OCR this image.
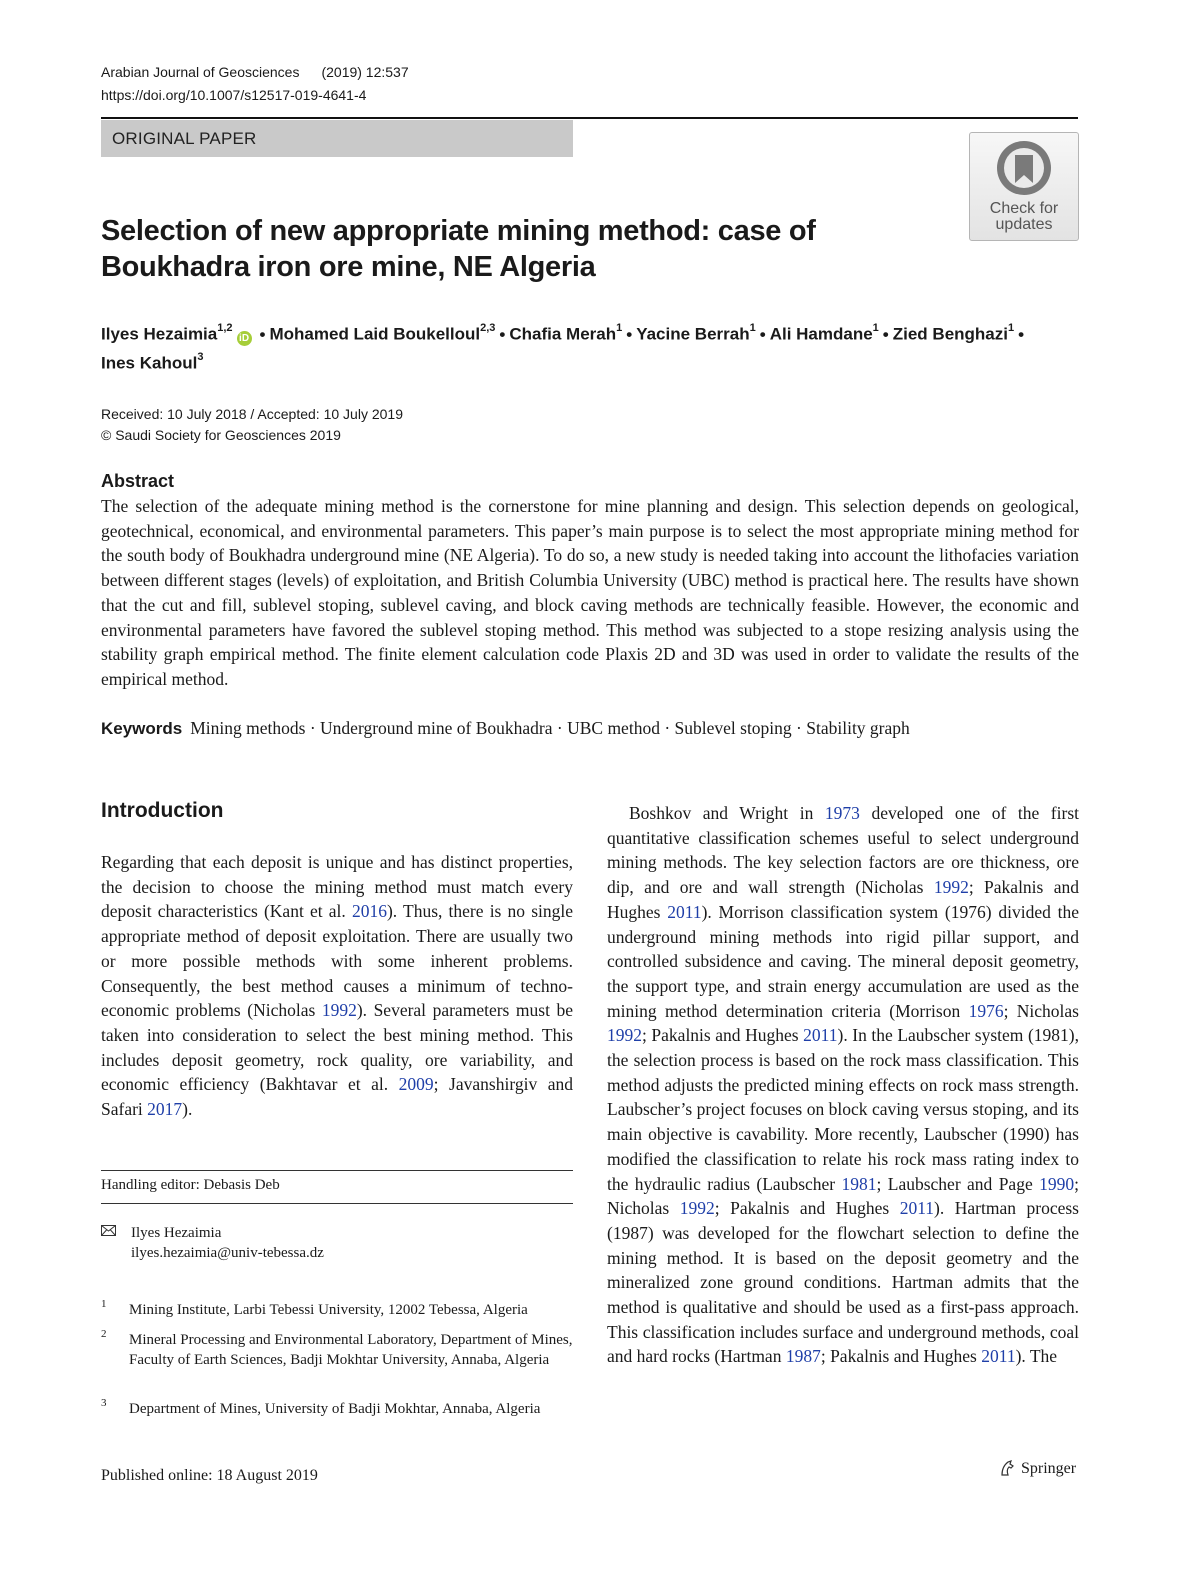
Arabian Journal of Geosciences (2019) 12:537
https://doi.org/10.1007/s12517-019-4641-4
ORIGINAL PAPER
Check for
updates
Selection of new appropriate mining method: case of Boukhadra iron ore mine, NE Algeria
Ilyes Hezaimia$^{1,2}$iD • Mohamed Laid Boukelloul$^{2,3}$ • Chafia Merah$^1$ • Yacine Berrah$^1$ • Ali Hamdane$^1$ • Zied Benghazi$^1$ •
Ines Kahoul$^3$
Received: 10 July 2018 / Accepted: 10 July 2019
© Saudi Society for Geosciences 2019
Abstract
The selection of the adequate mining method is the cornerstone for mine planning and design. This selection depends on geological, geotechnical, economical, and environmental parameters. This paper’s main purpose is to select the most appropriate mining method for the south body of Boukhadra underground mine (NE Algeria). To do so, a new study is needed taking into account the lithofacies variation between different stages (levels) of exploitation, and British Columbia University (UBC) method is practical here. The results have shown that the cut and fill, sublevel stoping, sublevel caving, and block caving methods are technically feasible. However, the economic and environmental parameters have favored the sublevel stoping method. This method was subjected to a stope resizing analysis using the stability graph empirical method. The finite element calculation code Plaxis 2D and 3D was used in order to validate the results of the empirical method.
Keywords Mining methods · Underground mine of Boukhadra · UBC method · Sublevel stoping · Stability graph
Introduction
Regarding that each deposit is unique and has distinct properties, the decision to choose the mining method must match every deposit characteristics (Kant et al. 2016). Thus, there is no single appropriate method of deposit exploitation. There are usually two or more possible methods with some inherent problems. Consequently, the best method causes a minimum of techno-economic problems (Nicholas 1992). Several parameters must be taken into consideration to select the best mining method. This includes deposit geometry, rock quality, ore variability, and economic efficiency (Bakhtavar et al. 2009; Javanshirgiv and Safari 2017).
Boshkov and Wright in 1973 developed one of the first quantitative classification schemes useful to select underground mining methods. The key selection factors are ore thickness, ore dip, and ore and wall strength (Nicholas 1992; Pakalnis and Hughes 2011). Morrison classification system (1976) divided the underground mining methods into rigid pillar support, and controlled subsidence and caving. The mineral deposit geometry, the support type, and strain energy accumulation are used as the mining method determination criteria (Morrison 1976; Nicholas 1992; Pakalnis and Hughes 2011). In the Laubscher system (1981), the selection process is based on the rock mass classification. This method adjusts the predicted mining effects on rock mass strength. Laubscher’s project focuses on block caving versus stoping, and its main objective is cavability. More recently, Laubscher (1990) has modified the classification to relate his rock mass rating index to the hydraulic radius (Laubscher 1981; Laubscher and Page 1990; Nicholas 1992; Pakalnis and Hughes 2011). Hartman process (1987) was developed for the flowchart selection to define the mining method. It is based on the deposit geometry and the mineralized zone ground conditions. Hartman admits that the method is qualitative and should be used as a first-pass approach. This classification includes surface and underground methods, coal and hard rocks (Hartman 1987; Pakalnis and Hughes 2011). The
Handling editor: Debasis Deb
Ilyes Hezaimia
ilyes.hezaimia@univ-tebessa.dz
1 Mining Institute, Larbi Tebessi University, 12002 Tebessa, Algeria
2 Mineral Processing and Environmental Laboratory, Department of Mines, Faculty of Earth Sciences, Badji Mokhtar University, Annaba, Algeria
3 Department of Mines, University of Badji Mokhtar, Annaba, Algeria
Published online: 18 August 2019	Springer
